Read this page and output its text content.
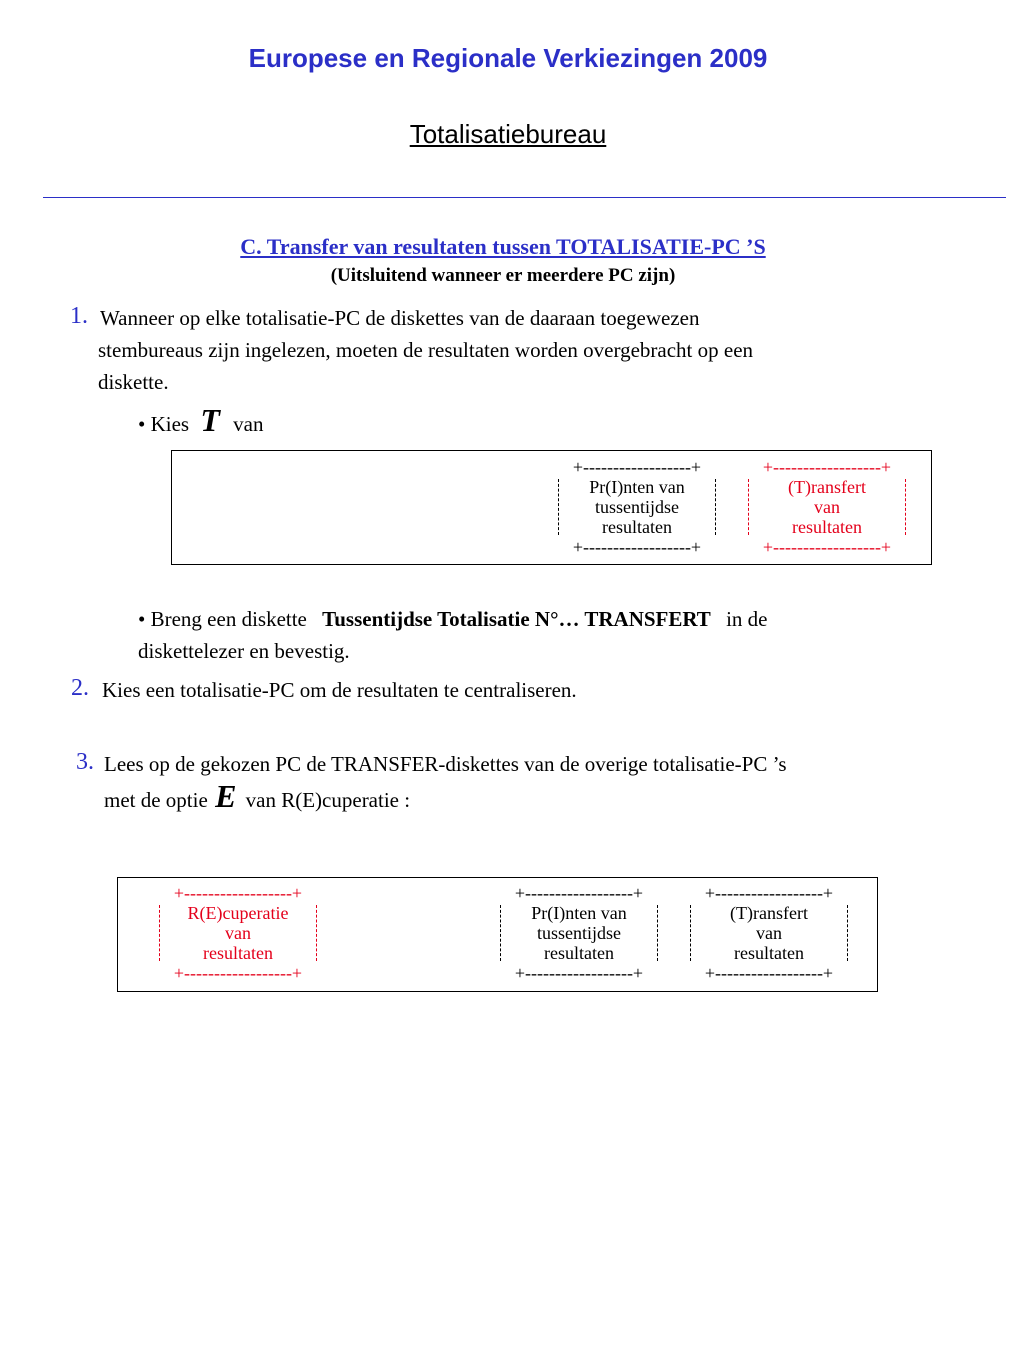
Europese en Regionale Verkiezingen 2009
Totalisatiebureau
C. Transfer van resultaten tussen TOTALISATIE-PC ’S
(Uitsluitend wanneer er meerdere PC zijn)
1. Wanneer op elke totalisatie-PC de diskettes van de daaraan toegewezen
stembureaus zijn ingelezen, moeten de resultaten worden overgebracht op een
diskette.
• Kies T van
+------------------+
Pr(I)nten van
tussentijdse
resultaten
+------------------+
+------------------+
(T)ransfert
van
resultaten
+------------------+
• Breng een diskette Tussentijdse Totalisatie N°… TRANSFERT in de
diskettelezer en bevestig.
2. Kies een totalisatie-PC om de resultaten te centraliseren.
3. Lees op de gekozen PC de TRANSFER-diskettes van de overige totalisatie-PC ’s
met de optie E van R(E)cuperatie :
+------------------+
R(E)cuperatie
van
resultaten
+------------------+
+------------------+
Pr(I)nten van
tussentijdse
resultaten
+------------------+
+------------------+
(T)ransfert
van
resultaten
+------------------+
